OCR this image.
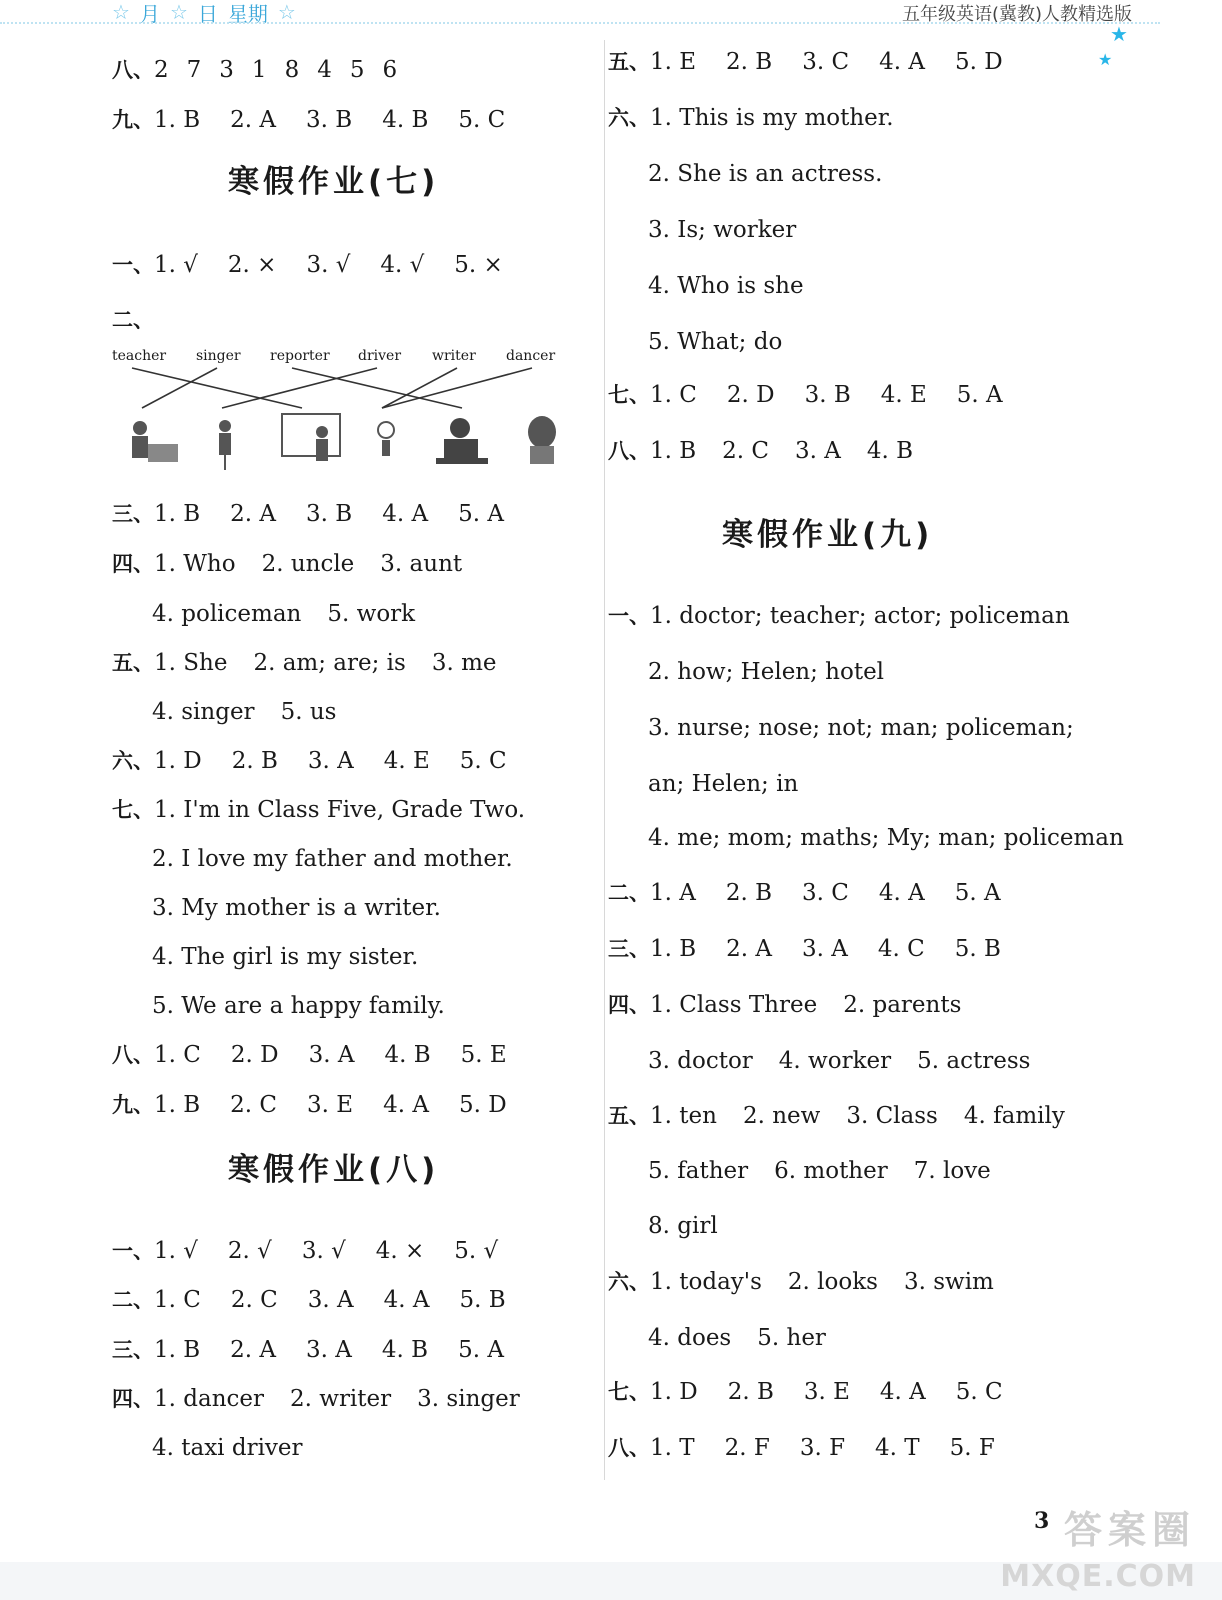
☆ 月 ☆ 日 星期 ☆	五年级英语(冀教)人教精选版
★
★
八、2 7 3 1 8 4 5 6
九、1. B 2. A 3. B 4. B 5. C
寒假作业(七)
一、1. √ 2. × 3. √ 4. √ 5. ×
二、
三、1. B 2. A 3. B 4. A 5. A
四、1. Who 2. uncle 3. aunt
4. policeman 5. work
五、1. She 2. am; are; is 3. me
4. singer 5. us
六、1. D 2. B 3. A 4. E 5. C
七、1. I'm in Class Five, Grade Two.
2. I love my father and mother.
3. My mother is a writer.
4. The girl is my sister.
5. We are a happy family.
八、1. C 2. D 3. A 4. B 5. E
九、1. B 2. C 3. E 4. A 5. D
寒假作业(八)
一、1. √ 2. √ 3. √ 4. × 5. √
二、1. C 2. C 3. A 4. A 5. B
三、1. B 2. A 3. A 4. B 5. A
四、1. dancer 2. writer 3. singer
4. taxi driver
五、1. E 2. B 3. C 4. A 5. D
六、1. This is my mother.
2. She is an actress.
3. Is; worker
4. Who is she
5. What; do
七、1. C 2. D 3. B 4. E 5. A
八、1. B 2. C 3. A 4. B
寒假作业(九)
一、1. doctor; teacher; actor; policeman
2. how; Helen; hotel
3. nurse; nose; not; man; policeman;
an; Helen; in
4. me; mom; maths; My; man; policeman
二、1. A 2. B 3. C 4. A 5. A
三、1. B 2. A 3. A 4. C 5. B
四、1. Class Three 2. parents
3. doctor 4. worker 5. actress
五、1. ten 2. new 3. Class 4. family
5. father 6. mother 7. love
8. girl
六、1. today's 2. looks 3. swim
4. does 5. her
七、1. D 2. B 3. E 4. A 5. C
八、1. T 2. F 3. F 4. T 5. F
teacher singer reporter driver writer dancer
3 答案圈
MXQE.COM
